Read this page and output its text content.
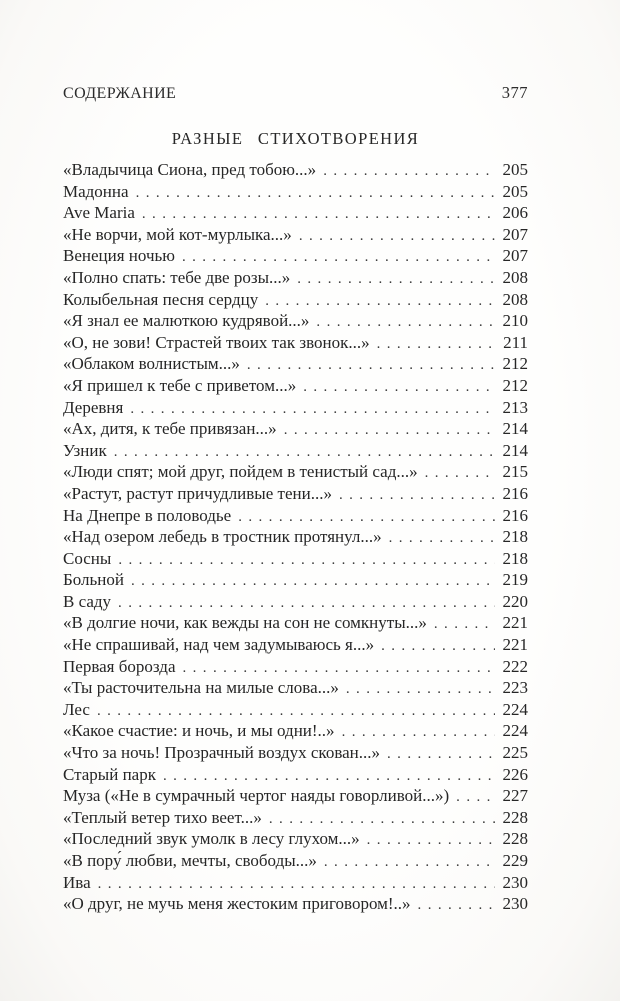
СОДЕРЖАНИЕ	377
РАЗНЫЕ СТИХОТВОРЕНИЯ
«Владычица Сиона, пред тобою...» .....	205
Мадонна .....	205
Ave Maria .....	206
«Не ворчи, мой кот-мурлыка...» .....	207
Венеция ночью .....	207
«Полно спать: тебе две розы...» .....	208
Колыбельная песня сердцу .....	208
«Я знал ее малюткою кудрявой...» .....	210
«О, не зови! Страстей твоих так звонок...» .....	211
«Облаком волнистым...» .....	212
«Я пришел к тебе с приветом...» .....	212
Деревня .....	213
«Ах, дитя, к тебе привязан...» .....	214
Узник .....	214
«Люди спят; мой друг, пойдем в тенистый сад...» .....	215
«Растут, растут причудливые тени...» .....	216
На Днепре в половодье .....	216
«Над озером лебедь в тростник протянул...» .....	218
Сосны .....	218
Больной .....	219
В саду .....	220
«В долгие ночи, как вежды на сон не сомкнуты...» .....	221
«Не спрашивай, над чем задумываюсь я...» .....	221
Первая борозда .....	222
«Ты расточительна на милые слова...» .....	223
Лес .....	224
«Какое счастие: и ночь, и мы одни!..» .....	224
«Что за ночь! Прозрачный воздух скован...» .....	225
Старый парк .....	226
Муза («Не в сумрачный чертог наяды говорливой...») .....	227
«Теплый ветер тихо веет...» .....	228
«Последний звук умолк в лесу глухом...» .....	228
«В пору́ любви, мечты, свободы...» .....	229
Ива .....	230
«О друг, не мучь меня жестоким приговором!..» .....	230
